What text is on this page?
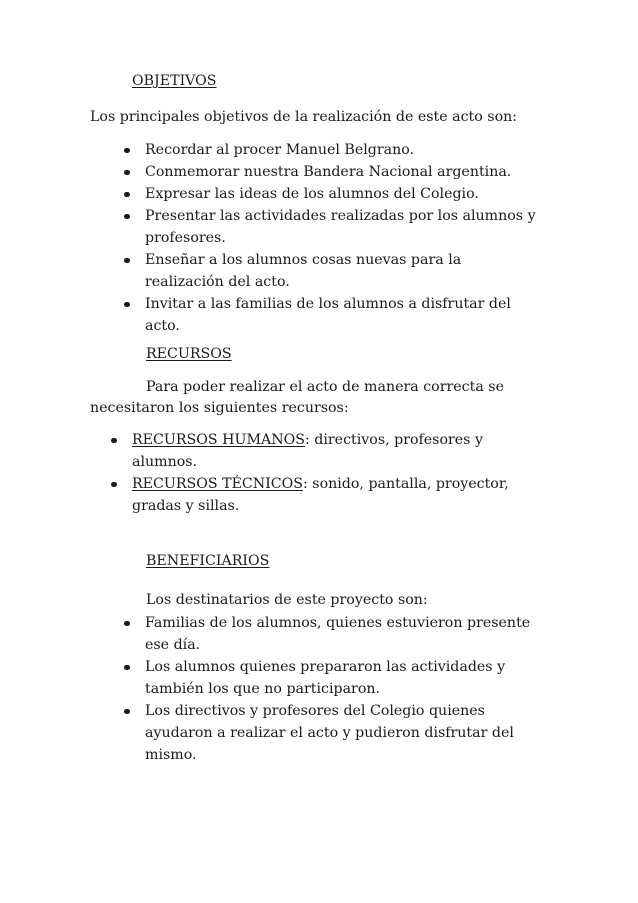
OBJETIVOS
Los principales objetivos de la realización de este acto son:
Recordar al procer Manuel Belgrano.
Conmemorar nuestra Bandera Nacional argentina.
Expresar las ideas de los alumnos del Colegio.
Presentar las actividades realizadas por los alumnos y profesores.
Enseñar a los alumnos cosas nuevas para la realización del acto.
Invitar a las familias de los alumnos a disfrutar del acto.
RECURSOS
Para poder realizar el acto de manera correcta se
necesitaron los siguientes recursos:
RECURSOS HUMANOS: directivos, profesores y alumnos.
RECURSOS TÉCNICOS: sonido, pantalla, proyector, gradas y sillas.
BENEFICIARIOS
Los destinatarios de este proyecto son:
Familias de los alumnos, quienes estuvieron presente ese día.
Los alumnos quienes prepararon las actividades y también los que no participaron.
Los directivos y profesores del Colegio quienes ayudaron a realizar el acto y pudieron disfrutar del mismo.
